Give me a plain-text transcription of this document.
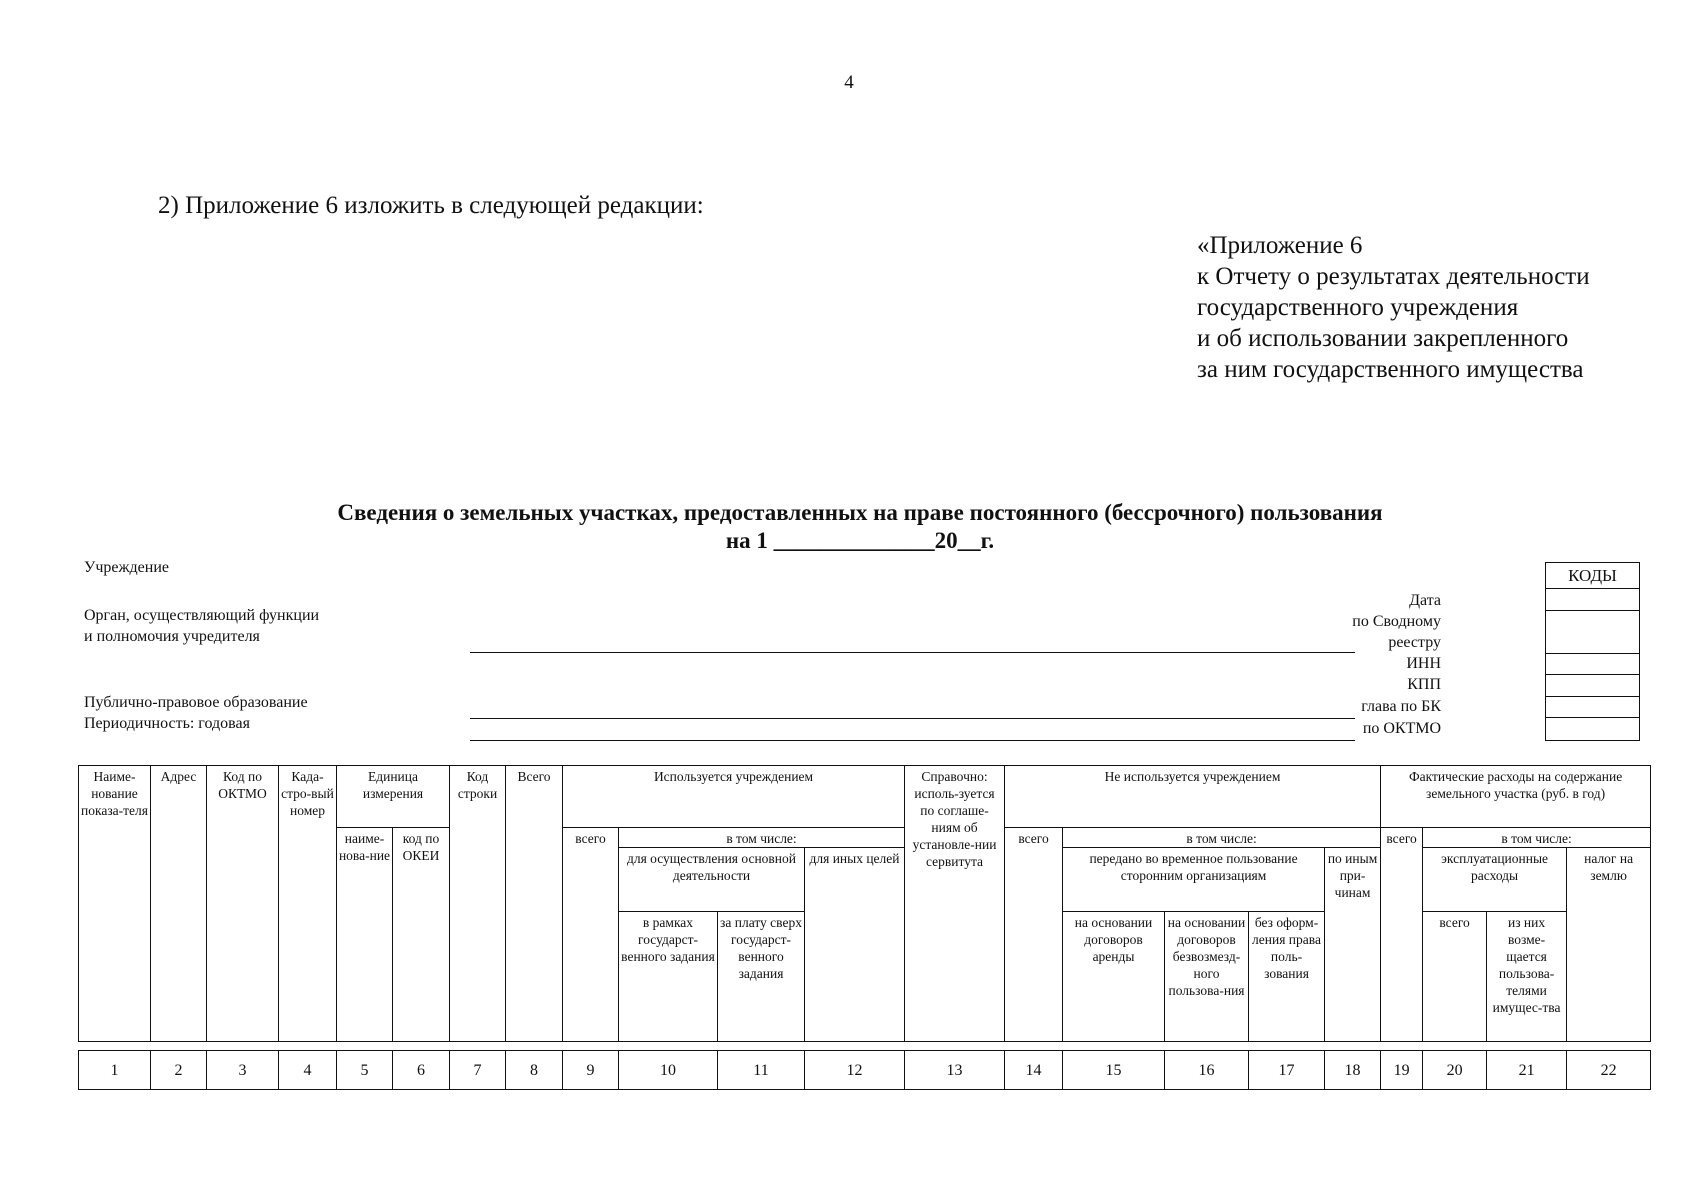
4
2) Приложение 6 изложить в следующей редакции:
«Приложение 6
к Отчету о результатах деятельности
государственного учреждения
и об использовании закрепленного
за ним государственного имущества
Сведения о земельных участках, предоставленных на праве постоянного (бессрочного) пользования
на 1 ______________20__г.
Учреждение
Орган, осуществляющий функции
и полномочия учредителя
Публично-правовое образование
Периодичность: годовая
Дата
по Сводному
реестру
ИНН
КПП
глава по БК
по ОКТМО
КОДЫ
Наиме-нование показа-теля	Адрес	Код по ОКТМО	Када-стро-вый номер	Единица измерения		Код строки	Всего	Используется учреждением				Справочно: исполь-зуется по соглаше-ниям об установле-нии сервитута	Не используется учреждением					Фактические расходы на содержание земельного участка (руб. в год)			
				наиме-нова-ние	код по ОКЕИ			всего	в том числе:				всего	в том числе:				всего	в том числе:		
									для осуществления основной деятельности		для иных целей			передано во временное пользование сторонним организациям			по иным при-чинам		эксплуатационные расходы		налог на землю
									в рамках государст-венного задания	за плату сверх государст-венного задания				на основании договоров аренды	на основании договоров безвозмезд-ного пользова-ния	без оформ-ления права поль-зования			всего	из них возме-щается пользова-телями имущес-тва	

1	2	3	4	5	6	7	8	9	10	11	12	13	14	15	16	17	18	19	20	21	22
